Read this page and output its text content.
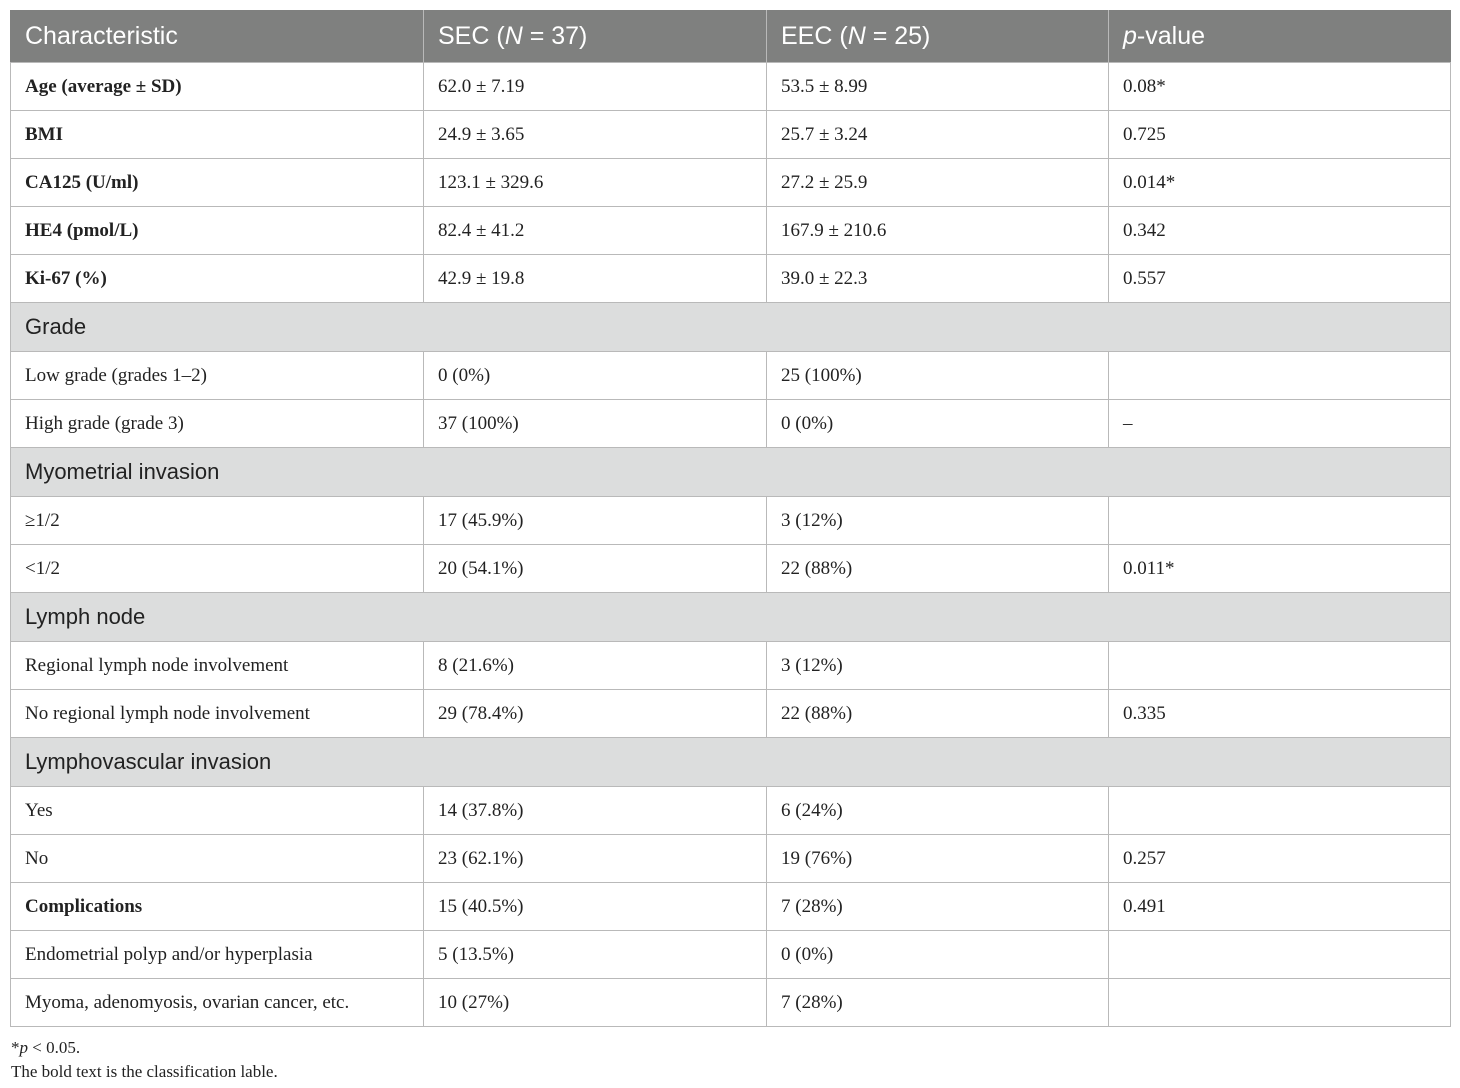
Characteristic	SEC (N = 37)	EEC (N = 25)	p-value
Age (average ± SD)	62.0 ± 7.19	53.5 ± 8.99	0.08*
BMI	24.9 ± 3.65	25.7 ± 3.24	0.725
CA125 (U/ml)	123.1 ± 329.6	27.2 ± 25.9	0.014*
HE4 (pmol/L)	82.4 ± 41.2	167.9 ± 210.6	0.342
Ki-67 (%)	42.9 ± 19.8	39.0 ± 22.3	0.557
Grade			
Low grade (grades 1–2)	0 (0%)	25 (100%)	
High grade (grade 3)	37 (100%)	0 (0%)	–
Myometrial invasion			
≥1/2	17 (45.9%)	3 (12%)	
<1/2	20 (54.1%)	22 (88%)	0.011*
Lymph node			
Regional lymph node involvement	8 (21.6%)	3 (12%)	
No regional lymph node involvement	29 (78.4%)	22 (88%)	0.335
Lymphovascular invasion			
Yes	14 (37.8%)	6 (24%)	
No	23 (62.1%)	19 (76%)	0.257
Complications	15 (40.5%)	7 (28%)	0.491
Endometrial polyp and/or hyperplasia	5 (13.5%)	0 (0%)	
Myoma, adenomyosis, ovarian cancer, etc.	10 (27%)	7 (28%)	
*p < 0.05.
The bold text is the classification lable.
